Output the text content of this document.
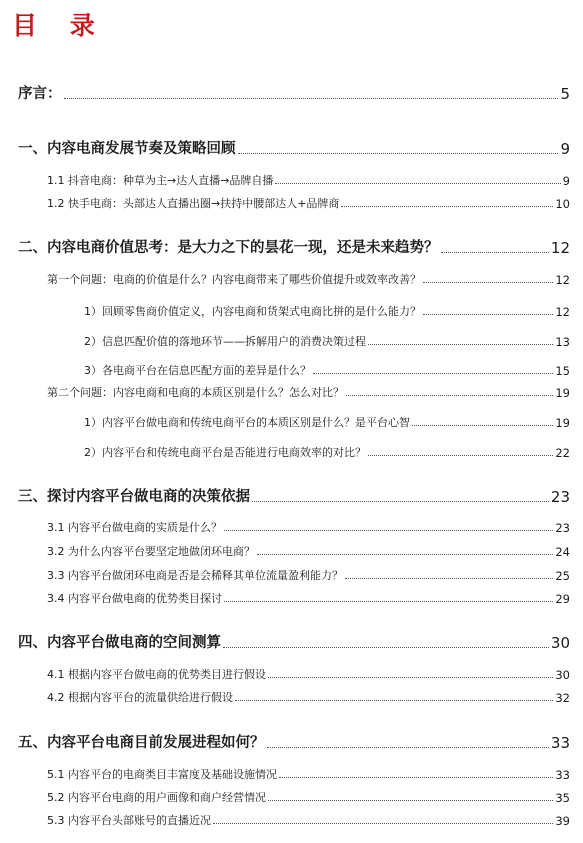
目 录
序言：	5
一、内容电商发展节奏及策略回顾	9
1.1 抖音电商：种草为主→达人直播→品牌自播	9
1.2 快手电商：头部达人直播出圈→扶持中腰部达人+品牌商	10
二、内容电商价值思考：是大力之下的昙花一现，还是未来趋势？	12
第一个问题：电商的价值是什么？内容电商带来了哪些价值提升或效率改善？	12
1）回顾零售商价值定义，内容电商和货架式电商比拼的是什么能力？	12
2）信息匹配价值的落地环节——拆解用户的消费决策过程	13
3）各电商平台在信息匹配方面的差异是什么？	15
第二个问题：内容电商和电商的本质区别是什么？怎么对比？	19
1）内容平台做电商和传统电商平台的本质区别是什么？是平台心智	19
2）内容平台和传统电商平台是否能进行电商效率的对比？	22
三、探讨内容平台做电商的决策依据	23
3.1 内容平台做电商的实质是什么？	23
3.2 为什么内容平台要坚定地做闭环电商？	24
3.3 内容平台做闭环电商是否是会稀释其单位流量盈利能力？	25
3.4 内容平台做电商的优势类目探讨	29
四、内容平台做电商的空间测算	30
4.1 根据内容平台做电商的优势类目进行假设	30
4.2 根据内容平台的流量供给进行假设	32
五、内容平台电商目前发展进程如何？	33
5.1 内容平台的电商类目丰富度及基础设施情况	33
5.2 内容平台电商的用户画像和商户经营情况	35
5.3 内容平台头部账号的直播近况	39
